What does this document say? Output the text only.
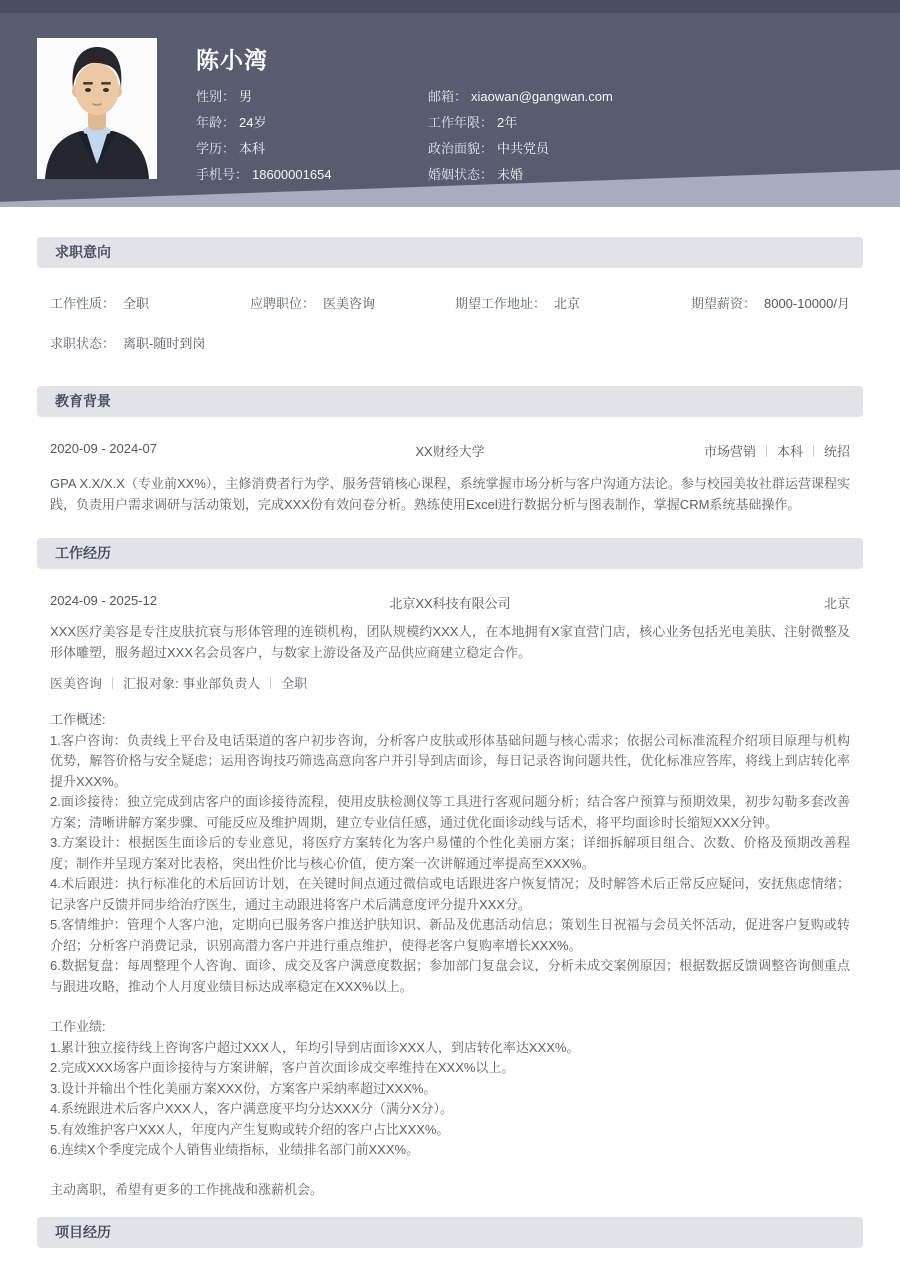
陈小湾
性别： 男
年龄： 24岁
学历： 本科
手机号： 18600001654
邮箱： xiaowan@gangwan.com
工作年限： 2年
政治面貌： 中共党员
婚姻状态： 未婚
求职意向
工作性质： 全职	应聘职位： 医美咨询	期望工作地址： 北京	期望薪资： 8000-10000/月
求职状态： 离职-随时到岗
教育背景
2020-09 - 2024-07	XX财经大学	市场营销 本科 统招
GPA X.X/X.X（专业前XX%），主修消费者行为学、服务营销核心课程，系统掌握市场分析与客户沟通方法论。参与校园美妆社群运营课程实践，负责用户需求调研与活动策划，完成XXX份有效问卷分析。熟练使用Excel进行数据分析与图表制作，掌握CRM系统基础操作。
工作经历
2024-09 - 2025-12	北京XX科技有限公司	北京
XXX医疗美容是专注皮肤抗衰与形体管理的连锁机构，团队规模约XXX人，在本地拥有X家直营门店，核心业务包括光电美肤、注射微整及形体雕塑，服务超过XXX名会员客户，与数家上游设备及产品供应商建立稳定合作。
医美咨询 汇报对象: 事业部负责人 全职
工作概述:
1.客户咨询：负责线上平台及电话渠道的客户初步咨询，分析客户皮肤或形体基础问题与核心需求；依据公司标准流程介绍项目原理与机构优势，解答价格与安全疑虑；运用咨询技巧筛选高意向客户并引导到店面诊，每日记录咨询问题共性，优化标准应答库，将线上到店转化率提升XXX%。
2.面诊接待：独立完成到店客户的面诊接待流程，使用皮肤检测仪等工具进行客观问题分析；结合客户预算与预期效果，初步勾勒多套改善方案；清晰讲解方案步骤、可能反应及维护周期，建立专业信任感，通过优化面诊动线与话术，将平均面诊时长缩短XXX分钟。
3.方案设计：根据医生面诊后的专业意见，将医疗方案转化为客户易懂的个性化美丽方案；详细拆解项目组合、次数、价格及预期改善程度；制作并呈现方案对比表格，突出性价比与核心价值，使方案一次讲解通过率提高至XXX%。
4.术后跟进：执行标准化的术后回访计划，在关键时间点通过微信或电话跟进客户恢复情况；及时解答术后正常反应疑问，安抚焦虑情绪；记录客户反馈并同步给治疗医生，通过主动跟进将客户术后满意度评分提升XXX分。
5.客情维护：管理个人客户池，定期向已服务客户推送护肤知识、新品及优惠活动信息；策划生日祝福与会员关怀活动，促进客户复购或转介绍；分析客户消费记录，识别高潜力客户并进行重点维护，使得老客户复购率增长XXX%。
6.数据复盘：每周整理个人咨询、面诊、成交及客户满意度数据；参加部门复盘会议，分析未成交案例原因；根据数据反馈调整咨询侧重点与跟进攻略，推动个人月度业绩目标达成率稳定在XXX%以上。
工作业绩:
1.累计独立接待线上咨询客户超过XXX人，年均引导到店面诊XXX人，到店转化率达XXX%。
2.完成XXX场客户面诊接待与方案讲解，客户首次面诊成交率维持在XXX%以上。
3.设计并输出个性化美丽方案XXX份，方案客户采纳率超过XXX%。
4.系统跟进术后客户XXX人，客户满意度平均分达XXX分（满分X分）。
5.有效维护客户XXX人，年度内产生复购或转介绍的客户占比XXX%。
6.连续X个季度完成个人销售业绩指标，业绩排名部门前XXX%。
主动离职，希望有更多的工作挑战和涨薪机会。
项目经历
